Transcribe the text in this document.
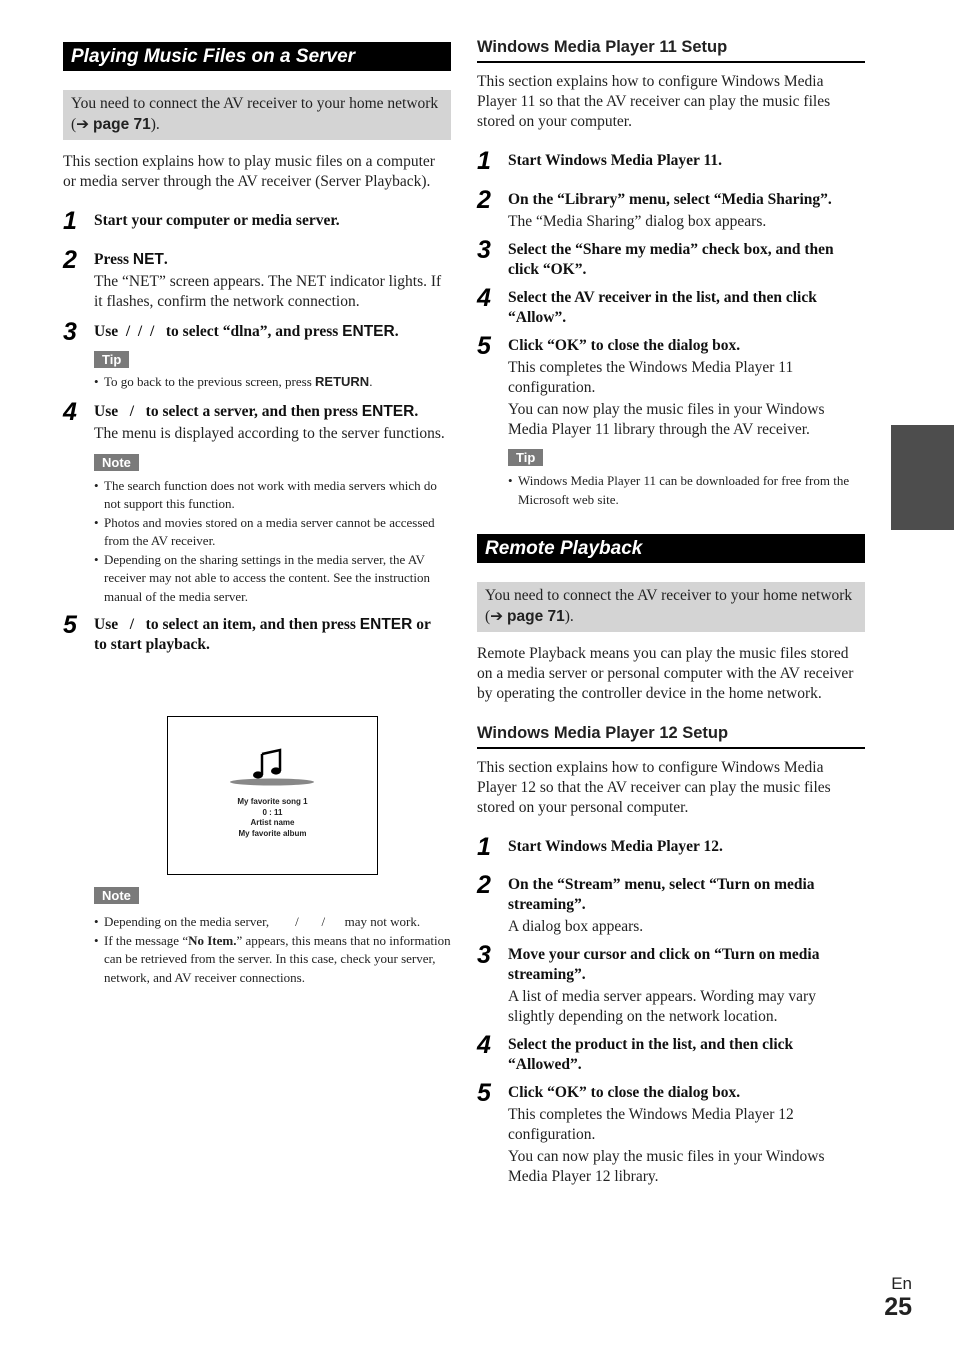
Playing Music Files on a Server
You need to connect the AV receiver to your home network (➔ page 71).
This section explains how to play music files on a computer or media server through the AV receiver (Server Playback).
1 Start your computer or media server.
2 Press NET.
The “NET” screen appears. The NET indicator lights. If it flashes, confirm the network connection.
3 Use  /  /  /   to select “dlna”, and press ENTER.
Tip
• To go back to the previous screen, press RETURN.
4 Use   /   to select a server, and then press ENTER.
The menu is displayed according to the server functions.
Note
• The search function does not work with media servers which do not support this function.
• Photos and movies stored on a media server cannot be accessed from the AV receiver.
• Depending on the sharing settings in the media server, the AV receiver may not able to access the content. See the instruction manual of the media server.
5 Use   /   to select an item, and then press ENTER or        to start playback.
My favorite song 1
0 : 11
Artist name
My favorite album
Note
• Depending on the media server,        /       /      may not work.
• If the message “No Item.” appears, this means that no information can be retrieved from the server. In this case, check your server, network, and AV receiver connections.
Windows Media Player 11 Setup
This section explains how to configure Windows Media Player 11 so that the AV receiver can play the music files stored on your computer.
1 Start Windows Media Player 11.
2 On the “Library” menu, select “Media Sharing”.
The “Media Sharing” dialog box appears.
3 Select the “Share my media” check box, and then click “OK”.
4 Select the AV receiver in the list, and then click “Allow”.
5 Click “OK” to close the dialog box.
This completes the Windows Media Player 11 configuration.
You can now play the music files in your Windows Media Player 11 library through the AV receiver.
Tip
• Windows Media Player 11 can be downloaded for free from the Microsoft web site.
Remote Playback
You need to connect the AV receiver to your home network (➔ page 71).
Remote Playback means you can play the music files stored on a media server or personal computer with the AV receiver by operating the controller device in the home network.
Windows Media Player 12 Setup
This section explains how to configure Windows Media Player 12 so that the AV receiver can play the music files stored on your personal computer.
1 Start Windows Media Player 12.
2 On the “Stream” menu, select “Turn on media streaming”.
A dialog box appears.
3 Move your cursor and click on “Turn on media streaming”.
A list of media server appears. Wording may vary slightly depending on the network location.
4 Select the product in the list, and then click “Allowed”.
5 Click “OK” to close the dialog box.
This completes the Windows Media Player 12 configuration.
You can now play the music files in your Windows Media Player 12 library.
En
25
